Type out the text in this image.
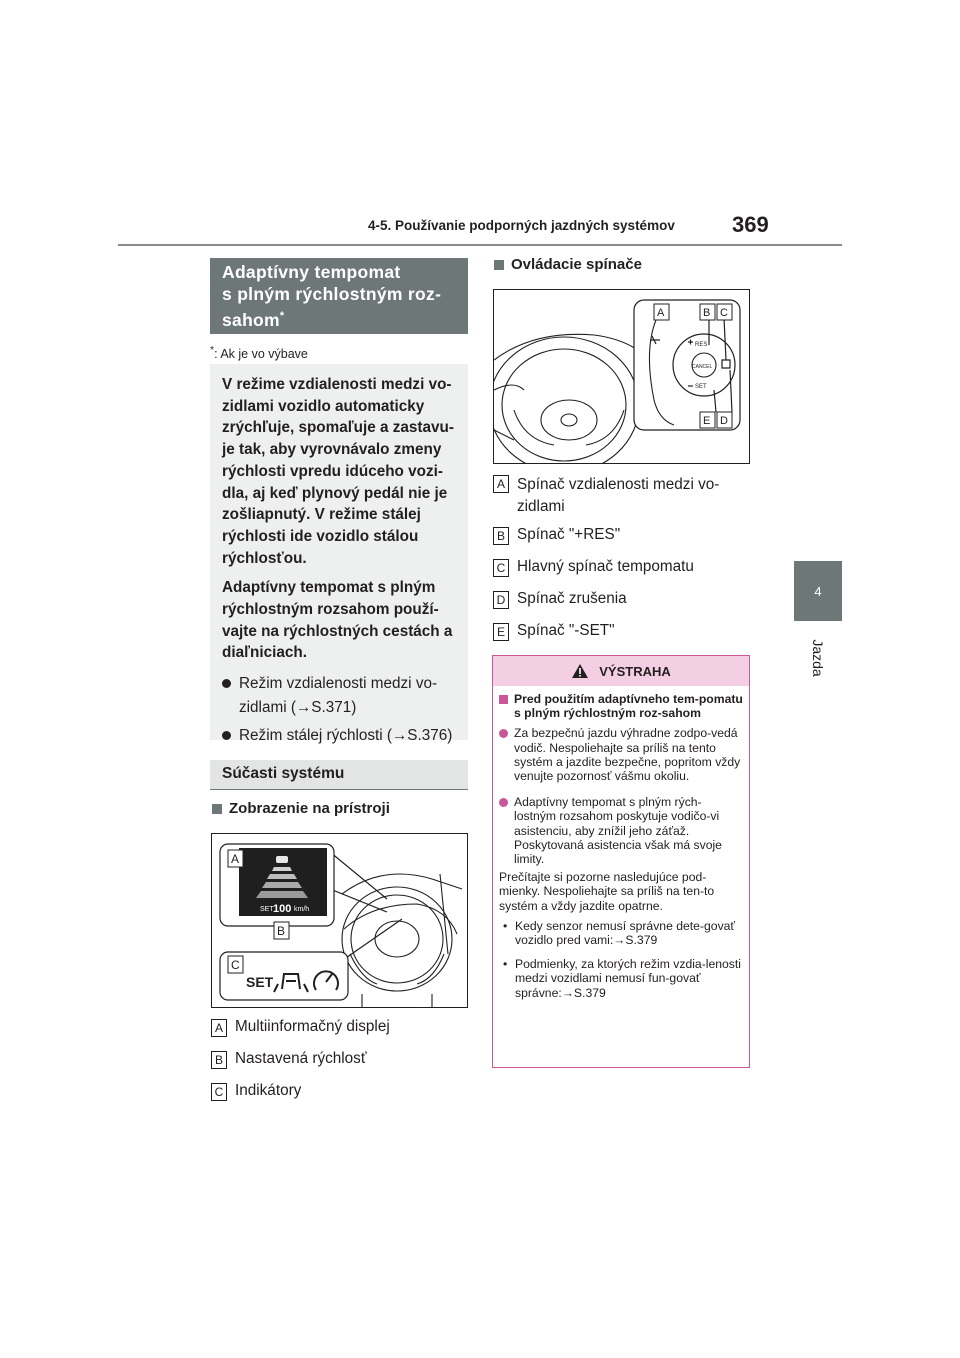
4-5. Používanie podporných jazdných systémov	369
4
Jazda
Adaptívny tempomat
s plným rýchlostným roz-
sahom*
*: Ak je vo výbave

V režime vzdialenosti medzi vo-zidlami vozidlo automaticky zrýchľuje, spomaľuje a zastavu-je tak, aby vyrovnávalo zmeny rýchlosti vpredu idúceho vozi-dla, aj keď plynový pedál nie je zošliapnutý. V režime stálej rýchlosti ide vozidlo stálou rýchlosťou.

Adaptívny tempomat s plným rýchlostným rozsahom použí-vajte na rýchlostných cestách a diaľniciach.

Režim vzdialenosti medzi vo-zidlami (→S.371)
Režim stálej rýchlosti (→S.376)
Súčasti systému
Zobrazenie na prístroji
SET 100 km/h
SET
A
B
C
A Multiinformačný displej
B Nastavená rýchlosť
C Indikátory
Ovládacie spínače
RES
CANCEL
SET
A	B C
E D
A Spínač vzdialenosti medzi vo-zidlami
B Spínač "+RES"
C Hlavný spínač tempomatu
D Spínač zrušenia
E Spínač "-SET"
VÝSTRAHA
Pred použitím adaptívneho tem-pomatu s plným rýchlostným roz-sahom
Za bezpečnú jazdu výhradne zodpo-vedá vodič. Nespoliehajte sa príliš na tento systém a jazdite bezpečne, popritom vždy venujte pozornosť vášmu okoliu.
Adaptívny tempomat s plným rých-lostným rozsahom poskytuje vodičo-vi asistenciu, aby znížil jeho záťaž. Poskytovaná asistencia však má svoje limity.
Prečítajte si pozorne nasledujúce pod-mienky. Nespoliehajte sa príliš na ten-to systém a vždy jazdite opatrne.
• Kedy senzor nemusí správne dete-govať vozidlo pred vami:→S.379
• Podmienky, za ktorých režim vzdia-lenosti medzi vozidlami nemusí fun-govať správne:→S.379
